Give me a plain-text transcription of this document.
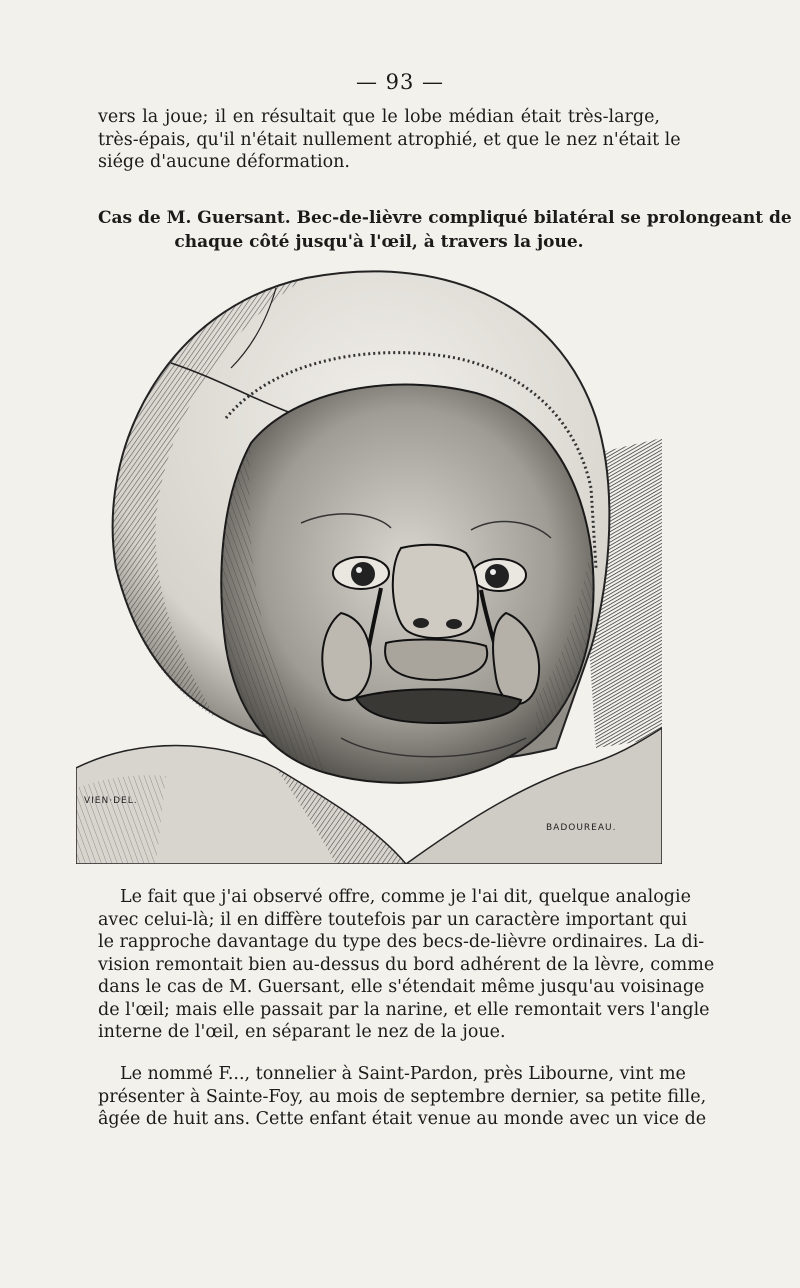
— 93 —
vers la joue; il en résultait que le lobe médian était très-large,
très-épais, qu'il n'était nullement atrophié, et que le nez n'était le
siége d'aucune déformation.
Cas de M. Guersant. Bec-de-lièvre compliqué bilatéral se prolongeant de
chaque côté jusqu'à l'œil, à travers la joue.
VIEN·DEL.
BADOUREAU.
Le fait que j'ai observé offre, comme je l'ai dit, quelque analogie
avec celui-là; il en diffère toutefois par un caractère important qui
le rapproche davantage du type des becs-de-lièvre ordinaires. La di-
vision remontait bien au-dessus du bord adhérent de la lèvre, comme
dans le cas de M. Guersant, elle s'étendait même jusqu'au voisinage
de l'œil; mais elle passait par la narine, et elle remontait vers l'angle
interne de l'œil, en séparant le nez de la joue.
Le nommé F..., tonnelier à Saint-Pardon, près Libourne, vint me
présenter à Sainte-Foy, au mois de septembre dernier, sa petite fille,
âgée de huit ans. Cette enfant était venue au monde avec un vice de
